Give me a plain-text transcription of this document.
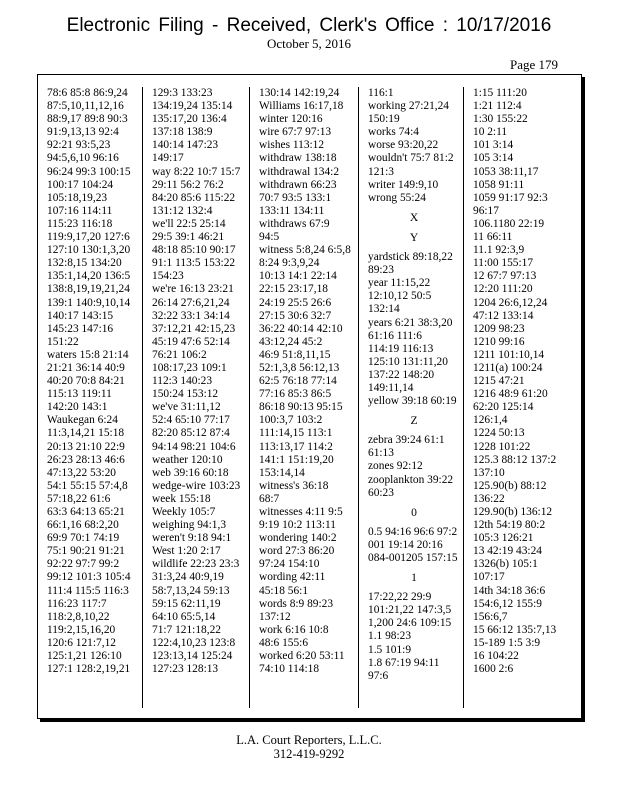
Electronic Filing - Received, Clerk's Office : 10/17/2016
October 5, 2016
Page 179
78:6 85:8 86:9,24
87:5,10,11,12,16
88:9,17 89:8 90:3
91:9,13,13 92:4
92:21 93:5,23
94:5,6,10 96:16
96:24 99:3 100:15
100:17 104:24
105:18,19,23
107:16 114:11
115:23 116:18
119:9,17,20 127:6
127:10 130:1,3,20
132:8,15 134:20
135:1,14,20 136:5
138:8,19,19,21,24
139:1 140:9,10,14
140:17 143:15
145:23 147:16
151:22
waters 15:8 21:14
21:21 36:14 40:9
40:20 70:8 84:21
115:13 119:11
142:20 143:1
Waukegan 6:24
11:3,14,21 15:18
20:13 21:10 22:9
26:23 28:13 46:6
47:13,22 53:20
54:1 55:15 57:4,8
57:18,22 61:6
63:3 64:13 65:21
66:1,16 68:2,20
69:9 70:1 74:19
75:1 90:21 91:21
92:22 97:7 99:2
99:12 101:3 105:4
111:4 115:5 116:3
116:23 117:7
118:2,8,10,22
119:2,15,16,20
120:6 121:7,12
125:1,21 126:10
127:1 128:2,19,21
129:3 133:23
134:19,24 135:14
135:17,20 136:4
137:18 138:9
140:14 147:23
149:17
way 8:22 10:7 15:7
29:11 56:2 76:2
84:20 85:6 115:22
131:12 132:4
we'll 22:5 25:14
29:5 39:1 46:21
48:18 85:10 90:17
91:1 113:5 153:22
154:23
we're 16:13 23:21
26:14 27:6,21,24
32:22 33:1 34:14
37:12,21 42:15,23
45:19 47:6 52:14
76:21 106:2
108:17,23 109:1
112:3 140:23
150:24 153:12
we've 31:11,12
52:4 65:10 77:17
82:20 85:12 87:4
94:14 98:21 104:6
weather 120:10
web 39:16 60:18
wedge-wire 103:23
week 155:18
Weekly 105:7
weighing 94:1,3
weren't 9:18 94:1
West 1:20 2:17
wildlife 22:23 23:3
31:3,24 40:9,19
58:7,13,24 59:13
59:15 62:11,19
64:10 65:5,14
71:7 121:18,22
122:4,10,23 123:8
123:13,14 125:24
127:23 128:13
130:14 142:19,24
Williams 16:17,18
winter 120:16
wire 67:7 97:13
wishes 113:12
withdraw 138:18
withdrawal 134:2
withdrawn 66:23
70:7 93:5 133:1
133:11 134:11
withdraws 67:9
94:5
witness 5:8,24 6:5,8
8:24 9:3,9,24
10:13 14:1 22:14
22:15 23:17,18
24:19 25:5 26:6
27:15 30:6 32:7
36:22 40:14 42:10
43:12,24 45:2
46:9 51:8,11,15
52:1,3,8 56:12,13
62:5 76:18 77:14
77:16 85:3 86:5
86:18 90:13 95:15
100:3,7 103:2
111:14,15 113:1
113:13,17 114:2
141:1 151:19,20
153:14,14
witness's 36:18
68:7
witnesses 4:11 9:5
9:19 10:2 113:11
wondering 140:2
word 27:3 86:20
97:24 154:10
wording 42:11
45:18 56:1
words 8:9 89:23
137:12
work 6:16 10:8
48:6 155:6
worked 6:20 53:11
74:10 114:18
116:1
working 27:21,24
150:19
works 74:4
worse 93:20,22
wouldn't 75:7 81:2
121:3
writer 149:9,10
wrong 55:24
X
Y
yardstick 89:18,22
89:23
year 11:15,22
12:10,12 50:5
132:14
years 6:21 38:3,20
61:16 111:6
114:19 116:13
125:10 131:11,20
137:22 148:20
149:11,14
yellow 39:18 60:19
Z
zebra 39:24 61:1
61:13
zones 92:12
zooplankton 39:22
60:23
0
0.5 94:16 96:6 97:2
001 19:14 20:16
084-001205 157:15
1
17:22,22 29:9
101:21,22 147:3,5
1,200 24:6 109:15
1.1 98:23
1.5 101:9
1.8 67:19 94:11
97:6
1:15 111:20
1:21 112:4
1:30 155:22
10 2:11
101 3:14
105 3:14
1053 38:11,17
1058 91:11
1059 91:17 92:3
96:17
106.1180 22:19
11 66:11
11.1 92:3,9
11:00 155:17
12 67:7 97:13
12:20 111:20
1204 26:6,12,24
47:12 133:14
1209 98:23
1210 99:16
1211 101:10,14
1211(a) 100:24
1215 47:21
1216 48:9 61:20
62:20 125:14
126:1,4
1224 50:13
1228 101:22
125.3 88:12 137:2
137:10
125.90(b) 88:12
136:22
129.90(b) 136:12
12th 54:19 80:2
105:3 126:21
13 42:19 43:24
1326(b) 105:1
107:17
14th 34:18 36:6
154:6,12 155:9
156:6,7
15 66:12 135:7,13
15-189 1:5 3:9
16 104:22
1600 2:6
L.A. Court Reporters, L.L.C.
312-419-9292
